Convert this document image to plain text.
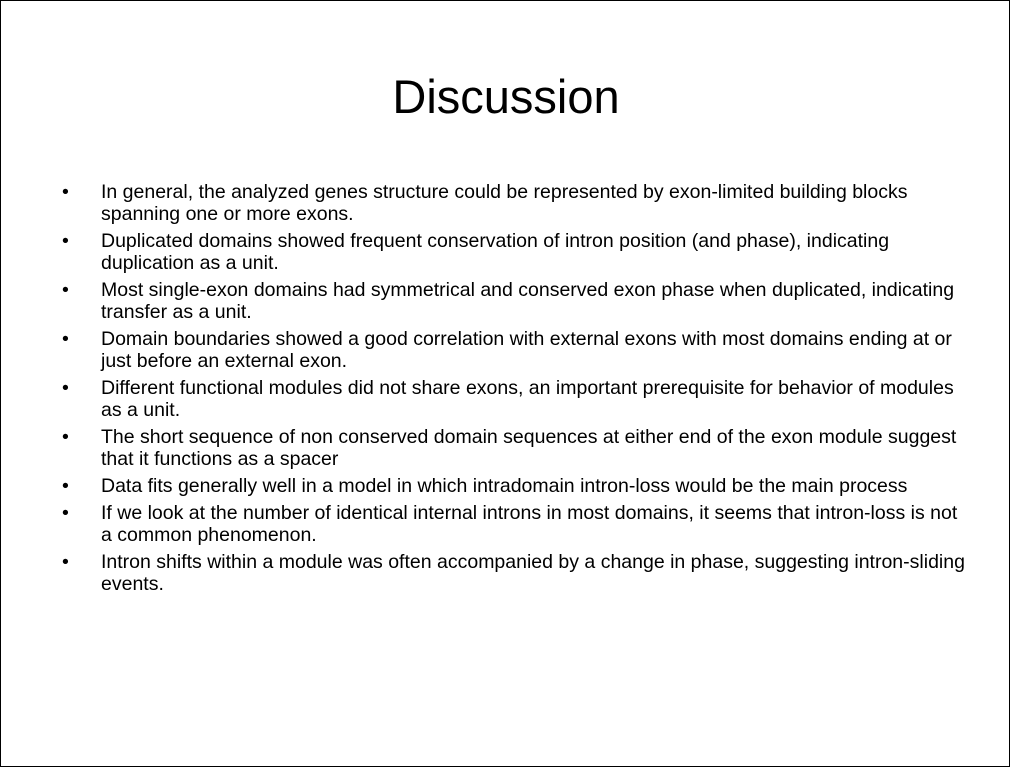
Discussion
• In general, the analyzed genes structure could be represented by exon-limited building blocks spanning one or more exons.
• Duplicated domains showed frequent conservation of intron position (and phase), indicating duplication as a unit.
• Most single-exon domains had symmetrical and conserved exon phase when duplicated, indicating transfer as a unit.
• Domain boundaries showed a good correlation with external exons with most domains ending at or just before an external exon.
• Different functional modules did not share exons, an important prerequisite for behavior of modules as a unit.
• The short sequence of non conserved domain sequences at either end of the exon module suggest that it functions as a spacer
• Data fits generally well in a model in which intradomain intron-loss would be the main process
• If we look at the number of identical internal introns in most domains, it seems that intron-loss is not a common phenomenon.
• Intron shifts within a module was often accompanied by a change in phase, suggesting intron-sliding events.
